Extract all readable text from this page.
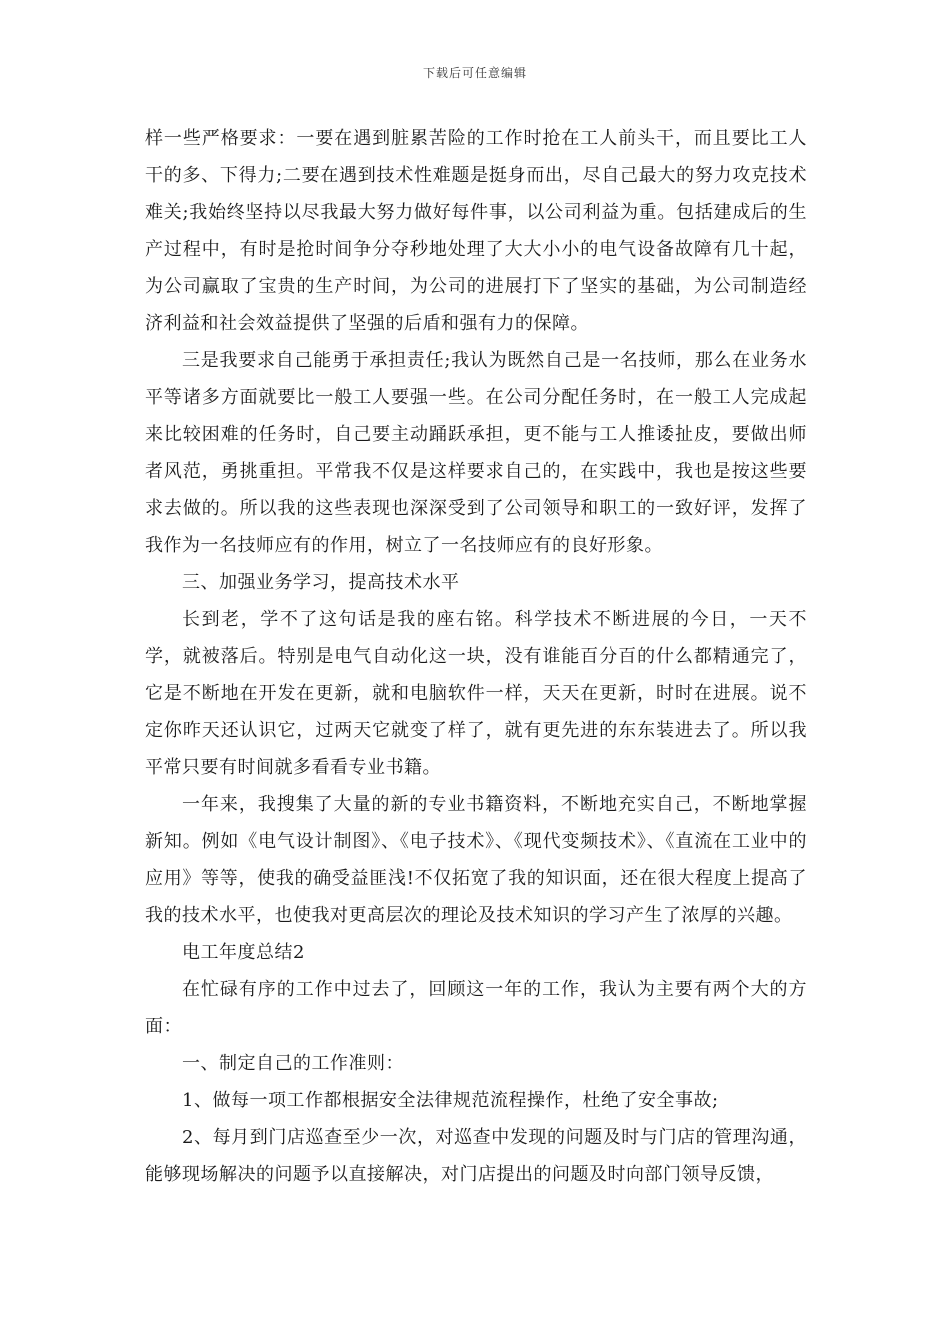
下载后可任意编辑

样一些严格要求：一要在遇到脏累苦险的工作时抢在工人前头干，而且要比工人干的多、下得力;二要在遇到技术性难题是挺身而出，尽自己最大的努力攻克技术难关;我始终坚持以尽我最大努力做好每件事，以公司利益为重。包括建成后的生产过程中，有时是抢时间争分夺秒地处理了大大小小的电气设备故障有几十起，为公司赢取了宝贵的生产时间，为公司的进展打下了坚实的基础，为公司制造经济利益和社会效益提供了坚强的后盾和强有力的保障。

三是我要求自己能勇于承担责任;我认为既然自己是一名技师，那么在业务水平等诸多方面就要比一般工人要强一些。在公司分配任务时，在一般工人完成起来比较困难的任务时，自己要主动踊跃承担，更不能与工人推诿扯皮，要做出师者风范，勇挑重担。平常我不仅是这样要求自己的，在实践中，我也是按这些要求去做的。所以我的这些表现也深深受到了公司领导和职工的一致好评，发挥了我作为一名技师应有的作用，树立了一名技师应有的良好形象。

三、加强业务学习，提高技术水平

长到老，学不了这句话是我的座右铭。科学技术不断进展的今日，一天不学，就被落后。特别是电气自动化这一块，没有谁能百分百的什么都精通完了，它是不断地在开发在更新，就和电脑软件一样，天天在更新，时时在进展。说不定你昨天还认识它，过两天它就变了样了，就有更先进的东东装进去了。所以我平常只要有时间就多看看专业书籍。

一年来，我搜集了大量的新的专业书籍资料，不断地充实自己，不断地掌握新知。例如《电气设计制图》、《电子技术》、《现代变频技术》、《直流在工业中的应用》等等，使我的确受益匪浅!不仅拓宽了我的知识面，还在很大程度上提高了我的技术水平，也使我对更高层次的理论及技术知识的学习产生了浓厚的兴趣。

电工年度总结2

在忙碌有序的工作中过去了，回顾这一年的工作，我认为主要有两个大的方面：

一、制定自己的工作准则：

1、做每一项工作都根据安全法律规范流程操作，杜绝了安全事故;

2、每月到门店巡查至少一次，对巡查中发现的问题及时与门店的管理沟通，能够现场解决的问题予以直接解决，对门店提出的问题及时向部门领导反馈，
